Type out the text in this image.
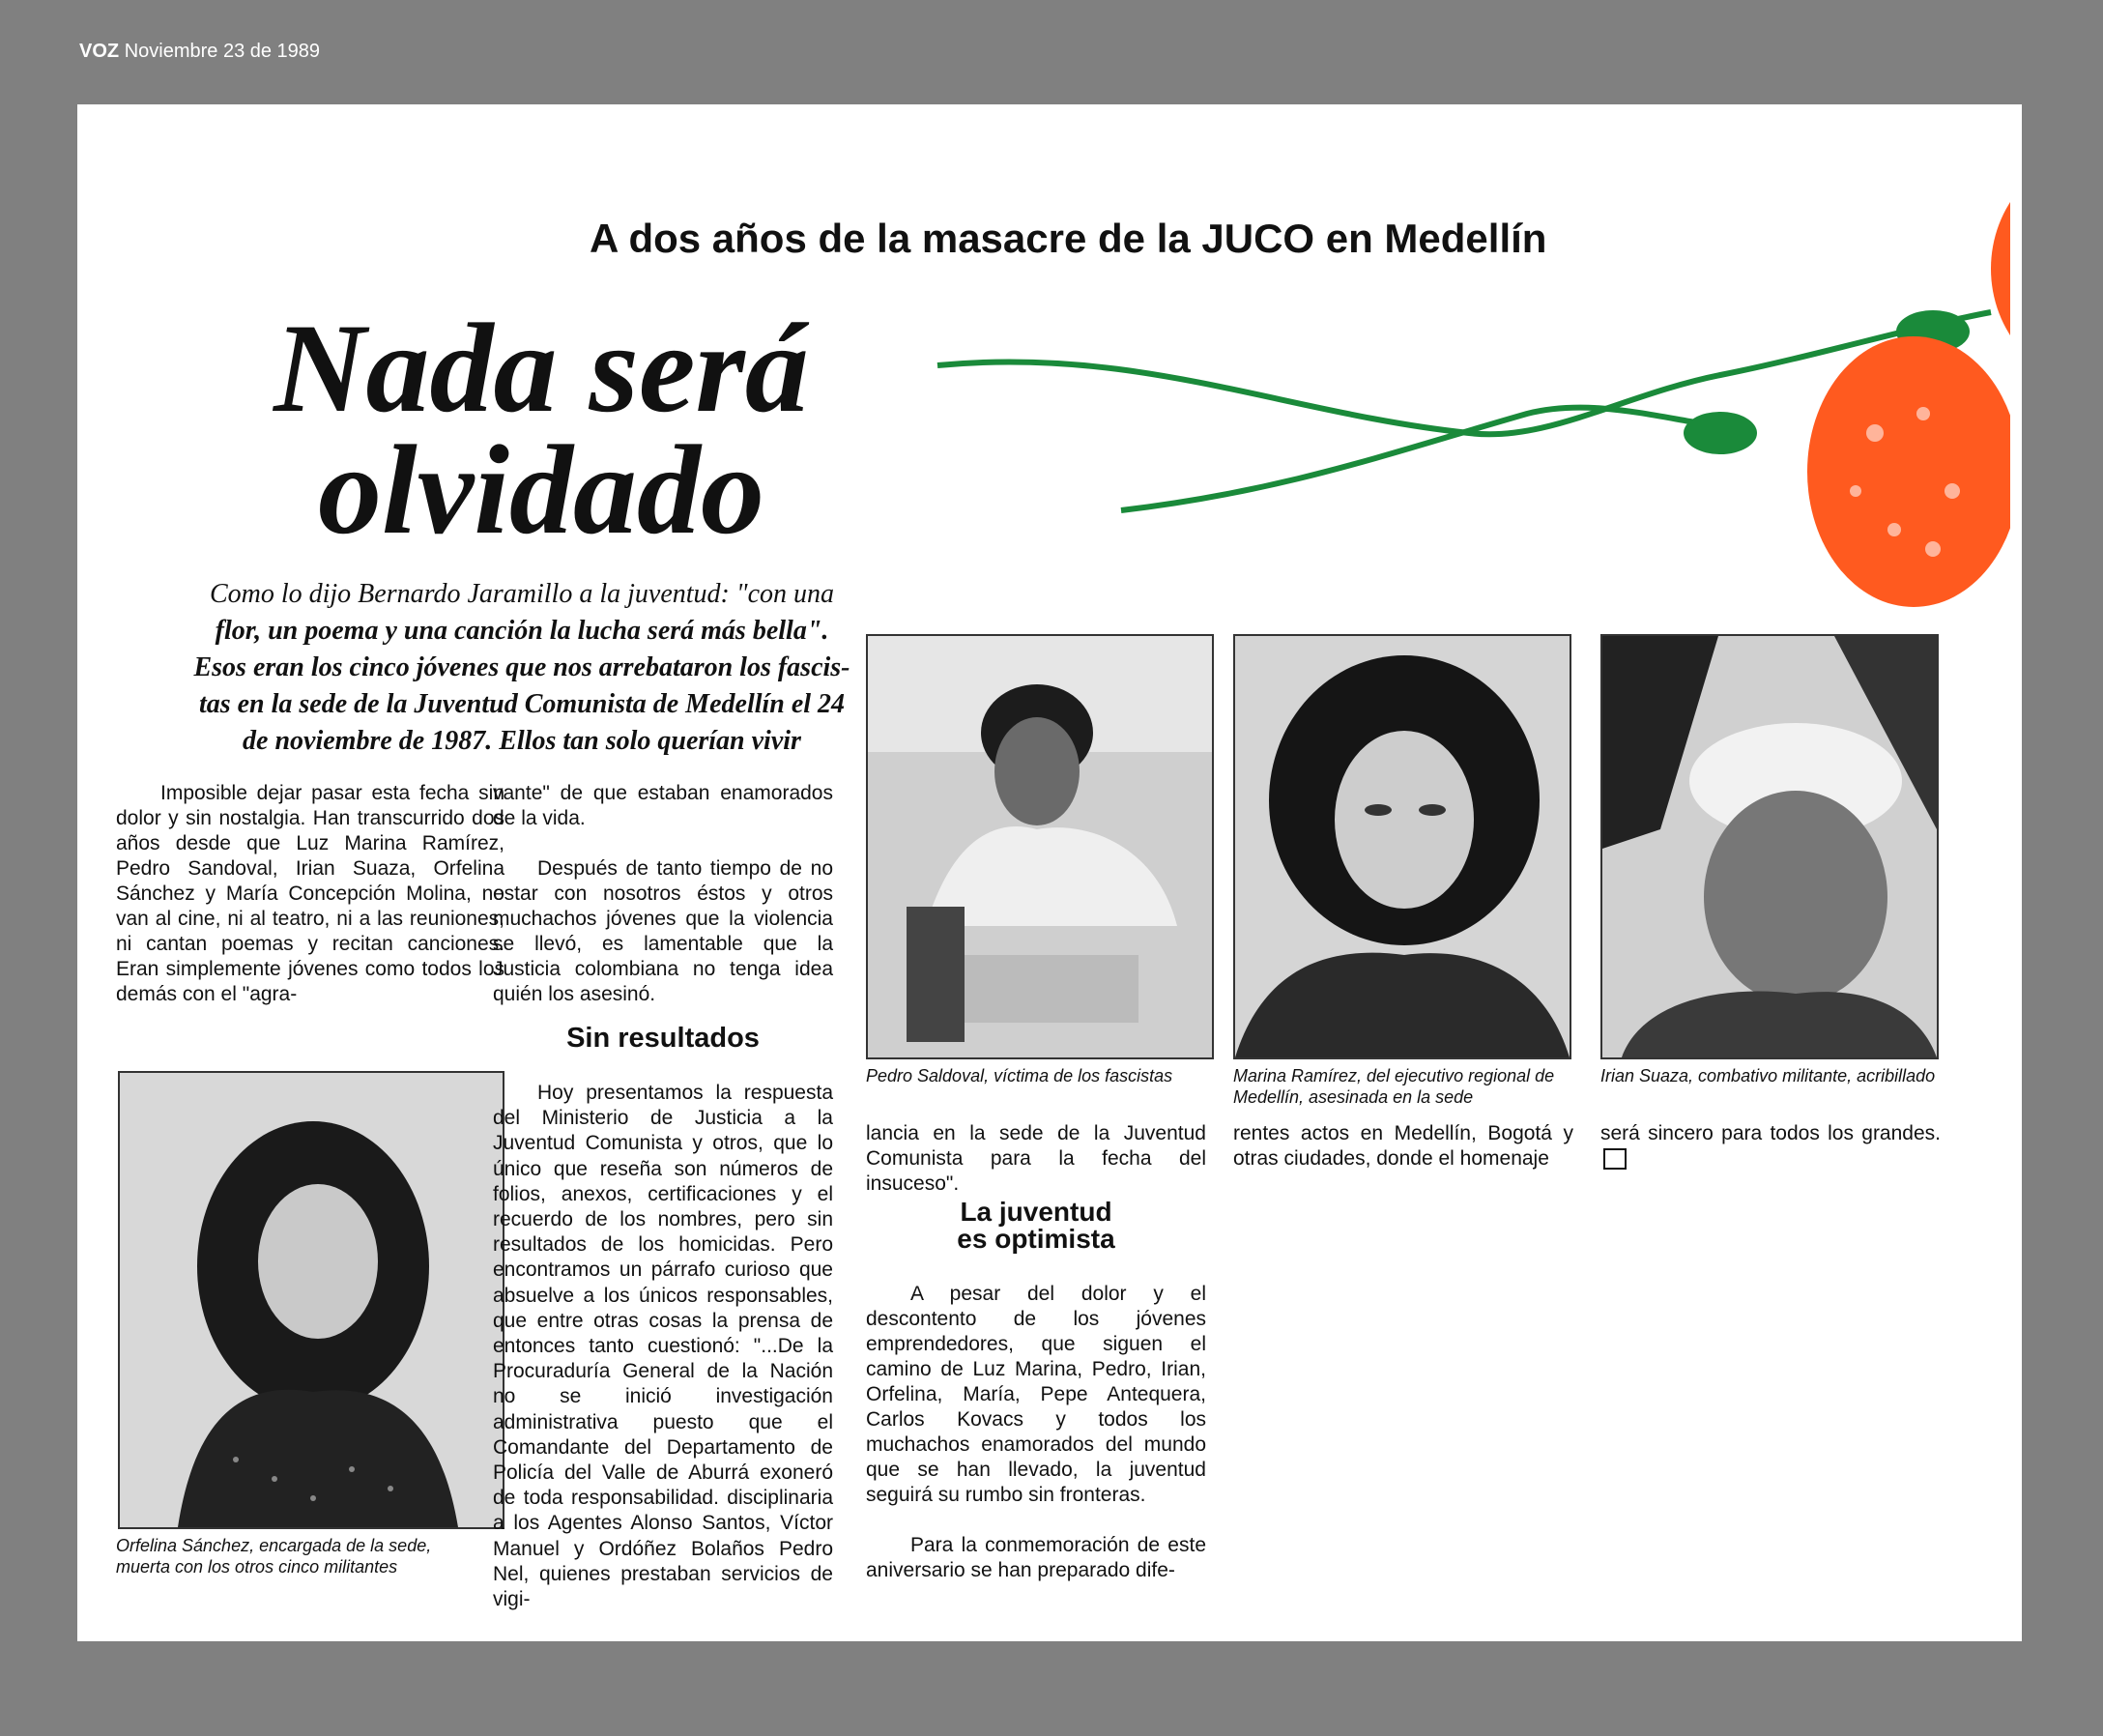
VOZ Noviembre 23 de 1989
A dos años de la masacre de la JUCO en Medellín
Nada será
olvidado
Como lo dijo Bernardo Jaramillo a la juventud: "con una
flor, un poema y una canción la lucha será más bella".
Esos eran los cinco jóvenes que nos arrebataron los fascis-
tas en la sede de la Juventud Comunista de Medellín el 24
de noviembre de 1987. Ellos tan solo querían vivir

Imposible dejar pasar esta fecha sin dolor y sin nostalgia. Han transcurrido dos años desde que Luz Marina Ramírez, Pedro Sandoval, Irian Suaza, Orfelina Sánchez y María Concepción Molina, no van al cine, ni al teatro, ni a las reuniones, ni cantan poemas y recitan canciones. Eran simplemente jóvenes como todos los demás con el "agra-

Orfelina Sánchez, encargada de la sede, muerta con los otros cinco militantes

vante" de que estaban enamorados de la vida.

Después de tanto tiempo de no estar con nosotros éstos y otros muchachos jóvenes que la violencia se llevó, es lamentable que la Justicia colombiana no tenga idea quién los asesinó.

Sin resultados

Hoy presentamos la respuesta del Ministerio de Justicia a la Juventud Comunista y otros, que lo único que reseña son números de folios, anexos, certificaciones y el recuerdo de los nombres, pero sin resultados de los homicidas. Pero encontramos un párrafo curioso que absuelve a los únicos responsables, que entre otras cosas la prensa de entonces tanto cuestionó: "...De la Procuraduría General de la Nación no se inició investigación administrativa puesto que el Comandante del Departamento de Policía del Valle de Aburrá exoneró de toda responsabilidad. disciplinaria a los Agentes Alonso Santos, Víctor Manuel y Ordóñez Bolaños Pedro Nel, quienes prestaban servicios de vigi-

Pedro Saldoval, víctima de los fascistas	Marina Ramírez, del ejecutivo regional de Medellín, asesinada en la sede
Irian Suaza, combativo militante, acribillado

lancia en la sede de la Juventud Comunista para la fecha del insuceso".

La juventud
es optimista

A pesar del dolor y el descontento de los jóvenes emprendedores, que siguen el camino de Luz Marina, Pedro, Irian, Orfelina, María, Pepe Antequera, Carlos Kovacs y todos los muchachos enamorados del mundo que se han llevado, la juventud seguirá su rumbo sin fronteras.

Para la conmemoración de este aniversario se han preparado dife-

rentes actos en Medellín, Bogotá y otras ciudades, donde el homenaje

será sincero para todos los grandes.
